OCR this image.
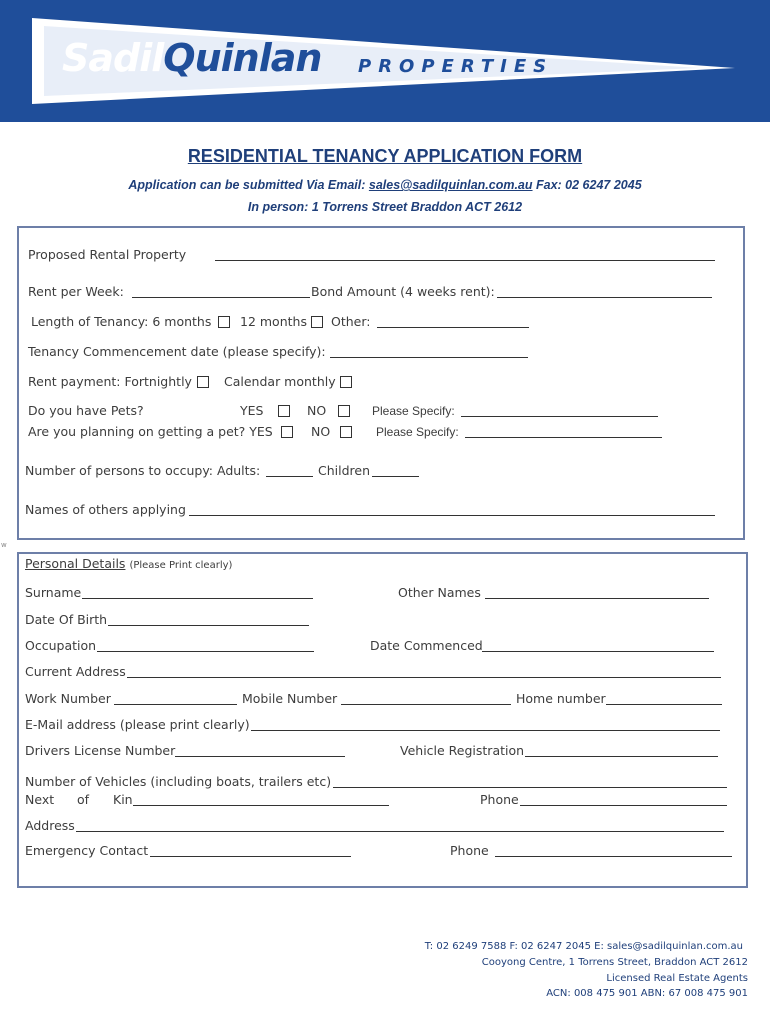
SadilQuinlan PROPERTIES
RESIDENTIAL TENANCY APPLICATION FORM
Application can be submitted Via Email: sales@sadilquinlan.com.au Fax: 02 6247 2045
In person: 1 Torrens Street Braddon ACT 2612
Proposed Rental Property
Rent per Week:	Bond Amount (4 weeks rent):
Length of Tenancy: 6 months 12 months Other:
Tenancy Commencement date (please specify):
Rent payment: Fortnightly	Calendar monthly
Do you have Pets?	YES	NO	Please Specify:
Are you planning on getting a pet? YES	NO	Please Specify:
Number of persons to occupy: Adults:	Children
Names of others applying
w
Personal Details (Please Print clearly)
Surname	Other Names
Date Of Birth
Occupation	Date Commenced
Current Address
Work Number	Mobile Number	Home number
E-Mail address (please print clearly)
Drivers License Number	Vehicle Registration
Number of Vehicles (including boats, trailers etc)
Next of Kin	Phone
Address
Emergency Contact	Phone
T: 02 6249 7588 F: 02 6247 2045 E: sales@sadilquinlan.com.au
Cooyong Centre, 1 Torrens Street, Braddon ACT 2612
Licensed Real Estate Agents
ACN: 008 475 901 ABN: 67 008 475 901
